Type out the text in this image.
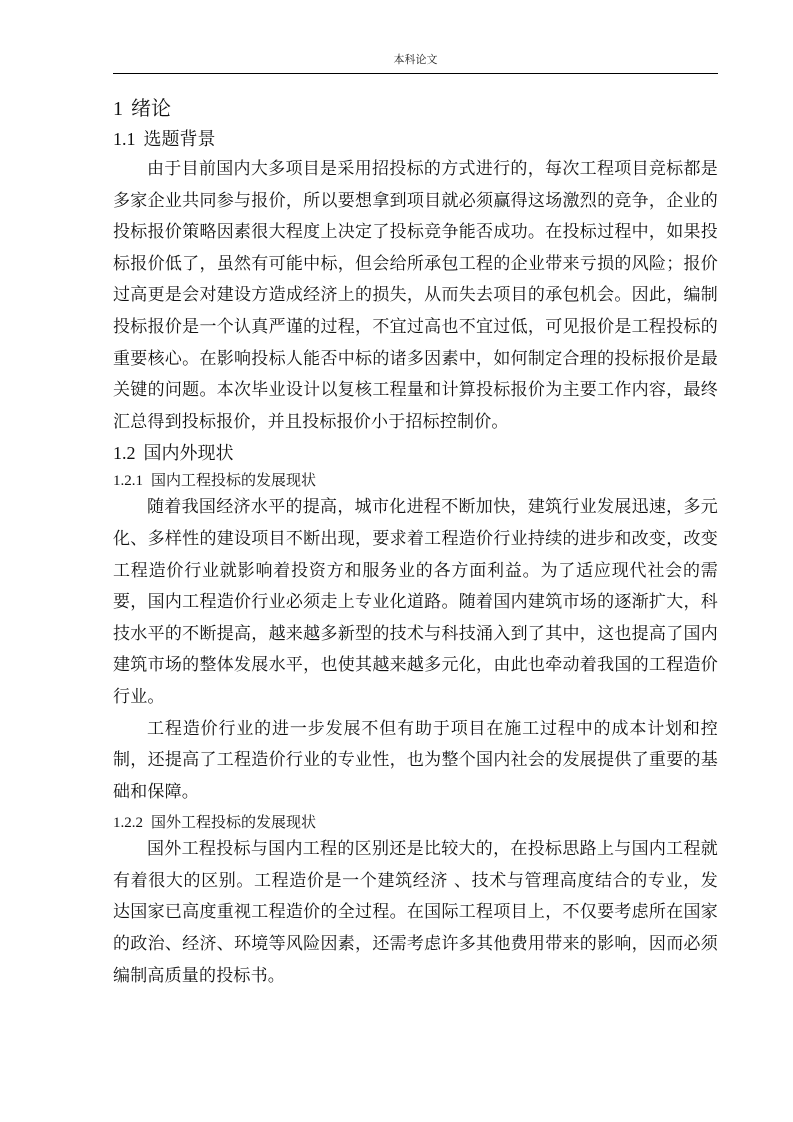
本科论文
1 绪论
1.1 选题背景

由于目前国内大多项目是采用招投标的方式进行的，每次工程项目竞标都是多家企业共同参与报价，所以要想拿到项目就必须赢得这场激烈的竞争，企业的投标报价策略因素很大程度上决定了投标竞争能否成功。在投标过程中，如果投标报价低了，虽然有可能中标，但会给所承包工程的企业带来亏损的风险；报价过高更是会对建设方造成经济上的损失，从而失去项目的承包机会。因此，编制投标报价是一个认真严谨的过程，不宜过高也不宜过低，可见报价是工程投标的重要核心。在影响投标人能否中标的诸多因素中，如何制定合理的投标报价是最关键的问题。本次毕业设计以复核工程量和计算投标报价为主要工作内容，最终汇总得到投标报价，并且投标报价小于招标控制价。

1.2 国内外现状
1.2.1 国内工程投标的发展现状

随着我国经济水平的提高，城市化进程不断加快，建筑行业发展迅速，多元化、多样性的建设项目不断出现，要求着工程造价行业持续的进步和改变，改变工程造价行业就影响着投资方和服务业的各方面利益。为了适应现代社会的需要，国内工程造价行业必须走上专业化道路。随着国内建筑市场的逐渐扩大，科技水平的不断提高，越来越多新型的技术与科技涌入到了其中，这也提高了国内建筑市场的整体发展水平，也使其越来越多元化，由此也牵动着我国的工程造价行业。

工程造价行业的进一步发展不但有助于项目在施工过程中的成本计划和控制，还提高了工程造价行业的专业性，也为整个国内社会的发展提供了重要的基础和保障。

1.2.2 国外工程投标的发展现状

国外工程投标与国内工程的区别还是比较大的，在投标思路上与国内工程就有着很大的区别。工程造价是一个建筑经济 、技术与管理高度结合的专业，发达国家已高度重视工程造价的全过程。在国际工程项目上，不仅要考虑所在国家的政治、经济、环境等风险因素，还需考虑许多其他费用带来的影响，因而必须编制高质量的投标书。
